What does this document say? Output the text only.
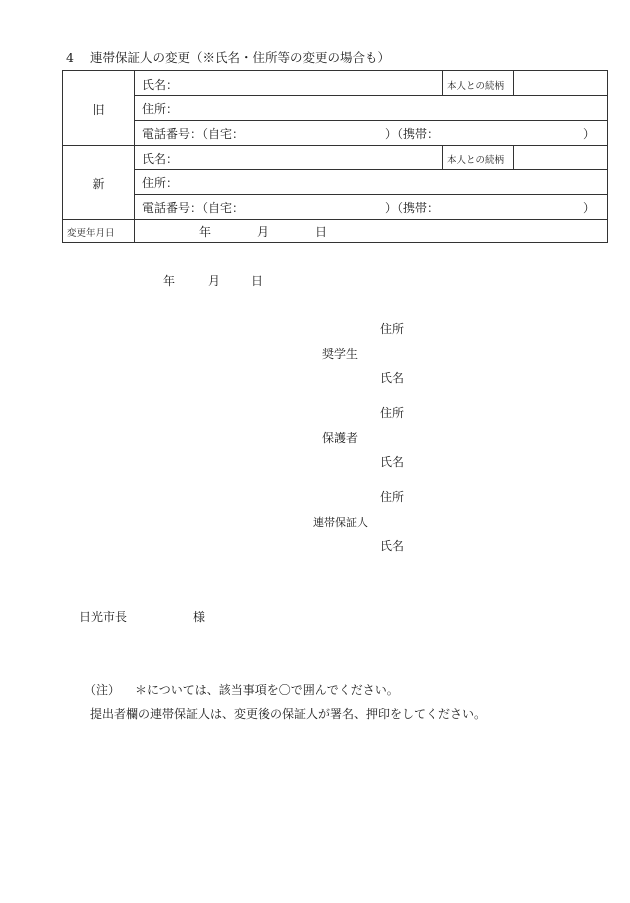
4 連帯保証人の変更（※氏名・住所等の変更の場合も）
旧
氏名：	本人との続柄
住所：
電話番号：（自宅：	）（携帯：	）
新
氏名：	本人との続柄
住所：
電話番号：（自宅：	）（携帯：	）
変更年月日	年	月	日
年	月	日
住所
奨学生
氏名
住所
保護者
氏名
住所
連帯保証人
氏名
日光市長	様
（注） ＊については、該当事項を〇で囲んでください。
提出者欄の連帯保証人は、変更後の保証人が署名、押印をしてください。
